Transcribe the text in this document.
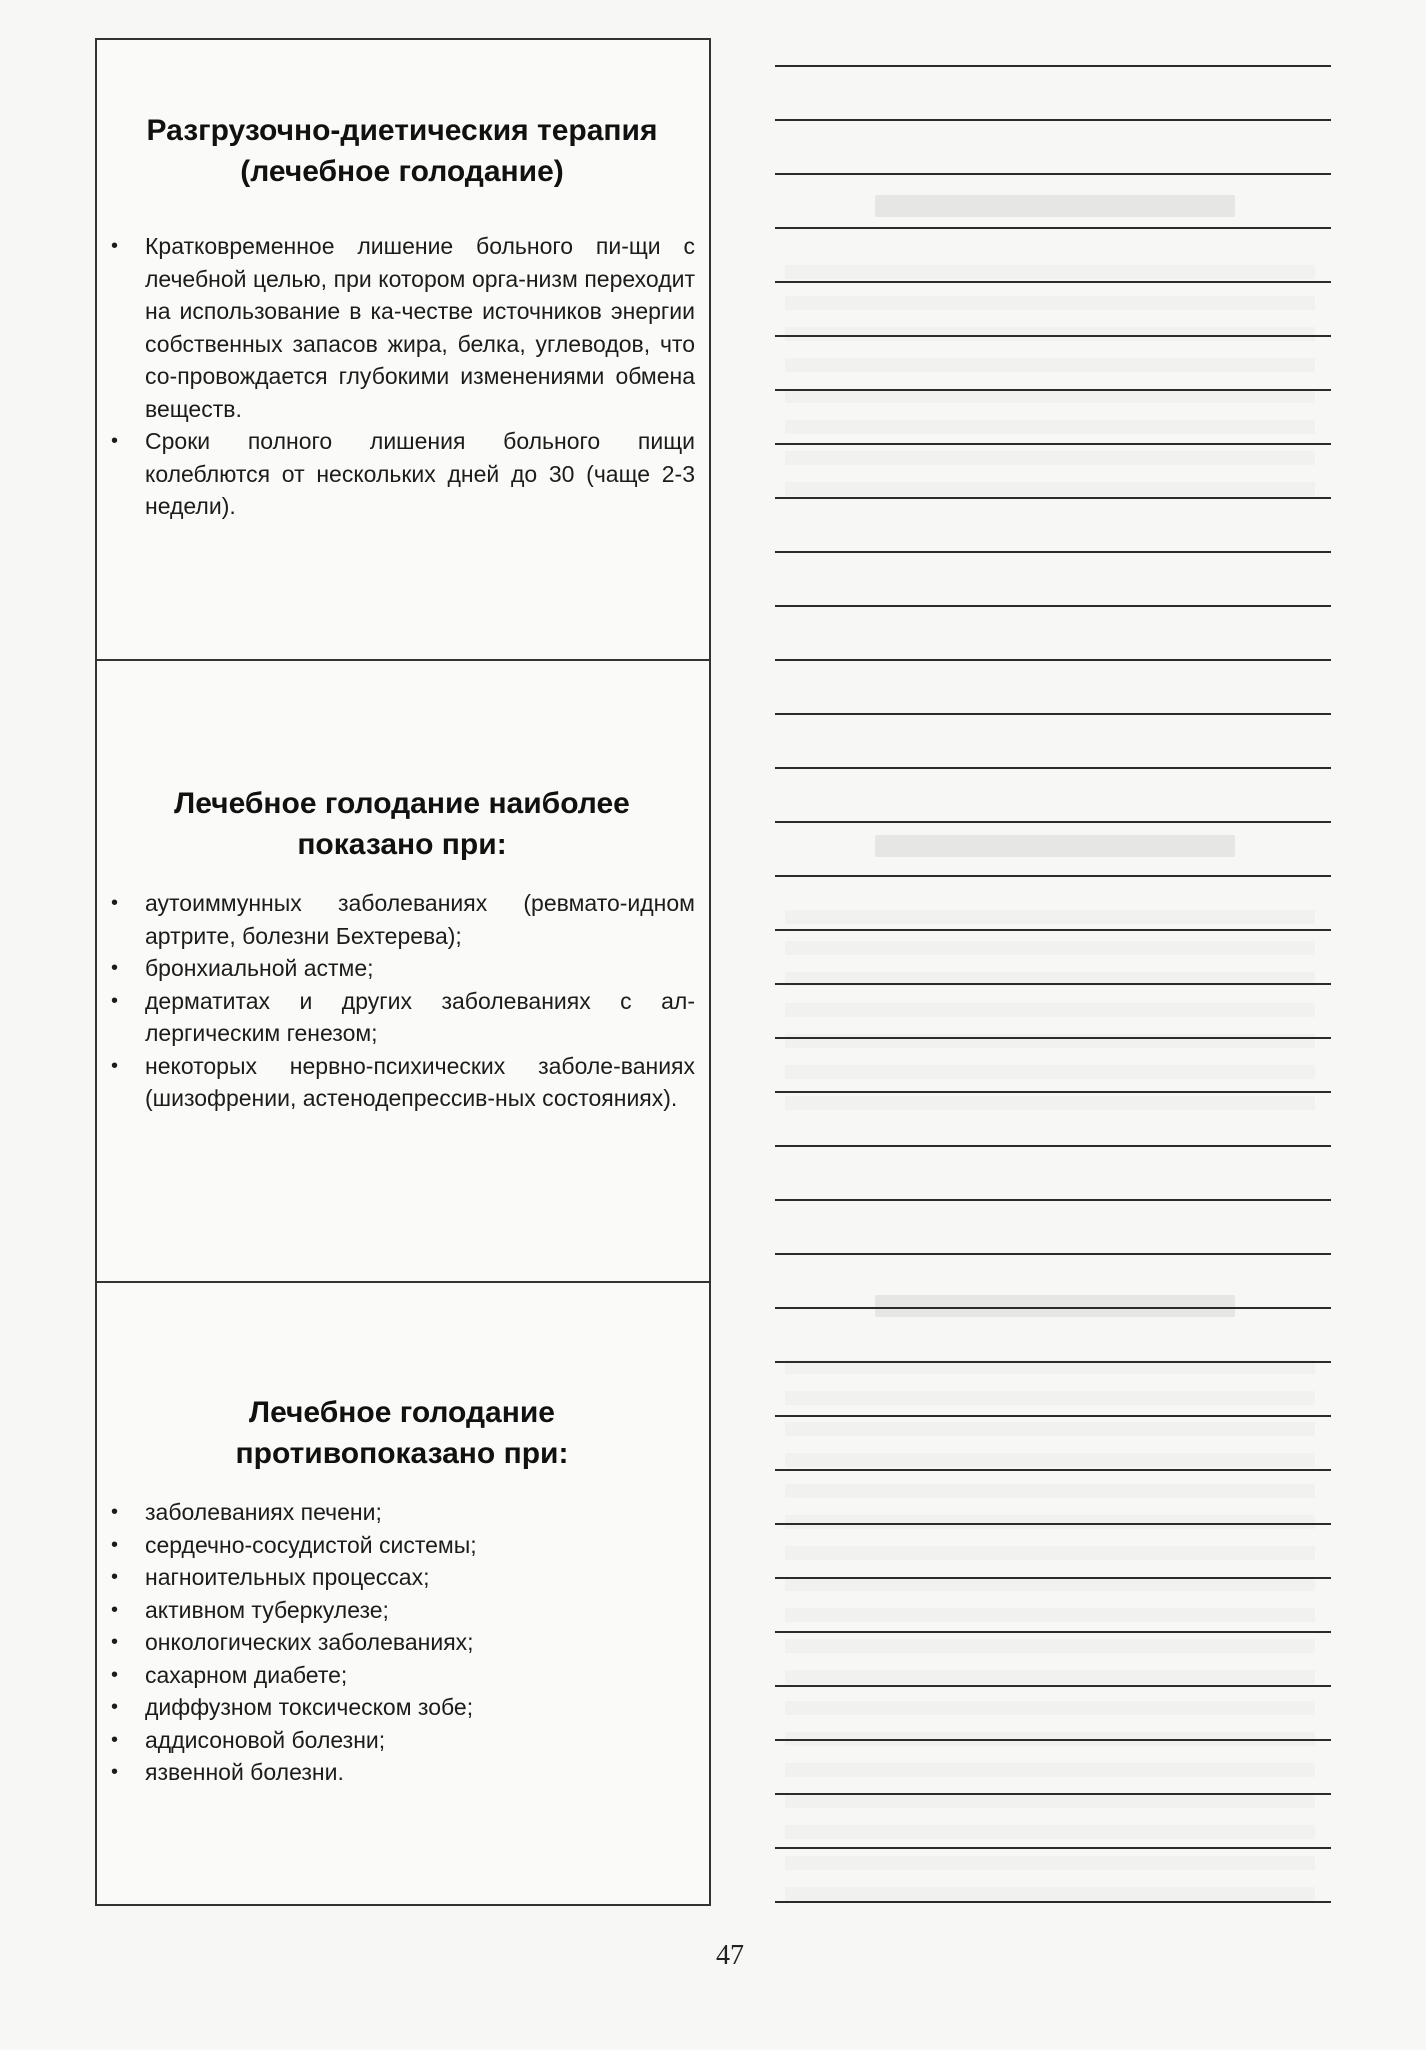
Разгрузочно-диетическия терапия (лечебное голодание)
• Кратковременное лишение больного пи-щи с лечебной целью, при котором орга-низм переходит на использование в ка-честве источников энергии собственных запасов жира, белка, углеводов, что со-провождается глубокими изменениями обмена веществ.
• Сроки полного лишения больного пищи колеблются от нескольких дней до 30 (чаще 2-3 недели).
Лечебное голодание наиболее показано при:
• аутоиммунных заболеваниях (ревмато-идном артрите, болезни Бехтерева);
• бронхиальной астме;
• дерматитах и других заболеваниях с ал-лергическим генезом;
• некоторых нервно-психических заболе-ваниях (шизофрении, астенодепрессив-ных состояниях).
Лечебное голодание противопоказано при:
• заболеваниях печени;
• сердечно-сосудистой системы;
• нагноительных процессах;
• активном туберкулезе;
• онкологических заболеваниях;
• сахарном диабете;
• диффузном токсическом зобе;
• аддисоновой болезни;
• язвенной болезни.
47
